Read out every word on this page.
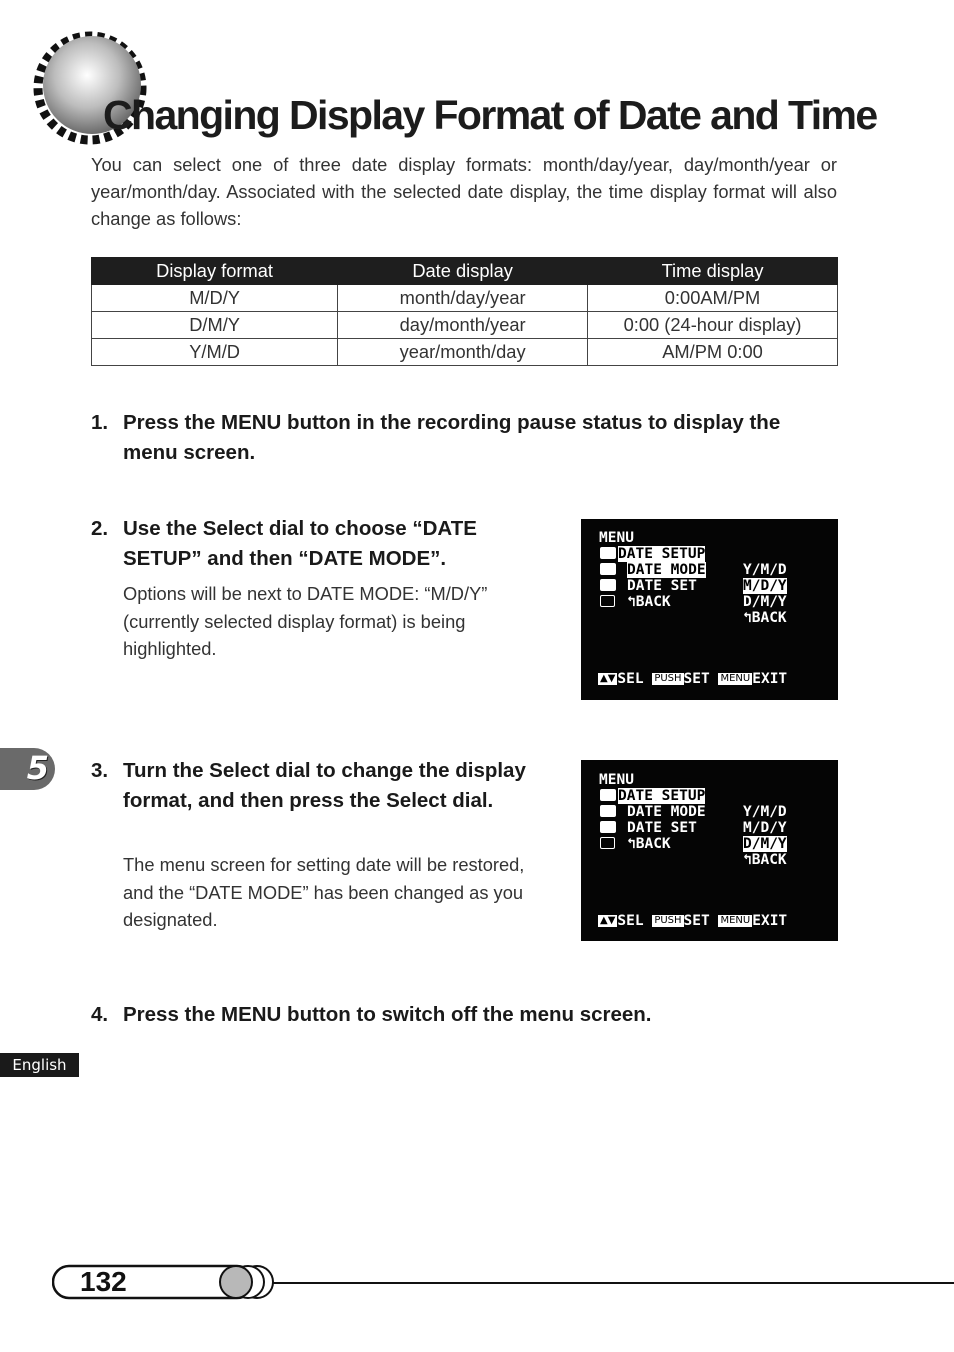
Changing Display Format of Date and Time

You can select one of three date display formats: month/day/year, day/month/year or year/month/day. Associated with the selected date display, the time display format will also change as follows:

Display format	Date display	Time display
M/D/Y	month/day/year	0:00AM/PM
D/M/Y	day/month/year	0:00 (24-hour display)
Y/M/D	year/month/day	AM/PM 0:00
1. Press the MENU button in the recording pause status to display the menu screen.
2. Use the Select dial to choose “DATE SETUP” and then “DATE MODE”.

Options will be next to DATE MODE: “M/D/Y” (currently selected display format) is being highlighted.

MENU
DATE SETUP
DATE MODE
DATE SET
↰BACK
Y/M/D
M/D/Y
D/M/Y
↰BACK
▲▼ SEL PUSH SET MENU EXIT
5 3. Turn the Select dial to change the display format, and then press the Select dial.

The menu screen for setting date will be restored, and the “DATE MODE” has been changed as you designated.

MENU
DATE SETUP
DATE MODE
DATE SET
↰BACK
Y/M/D
M/D/Y
D/M/Y
↰BACK
▲▼ SEL PUSH SET MENU EXIT
4. Press the MENU button to switch off the menu screen.
English
132
